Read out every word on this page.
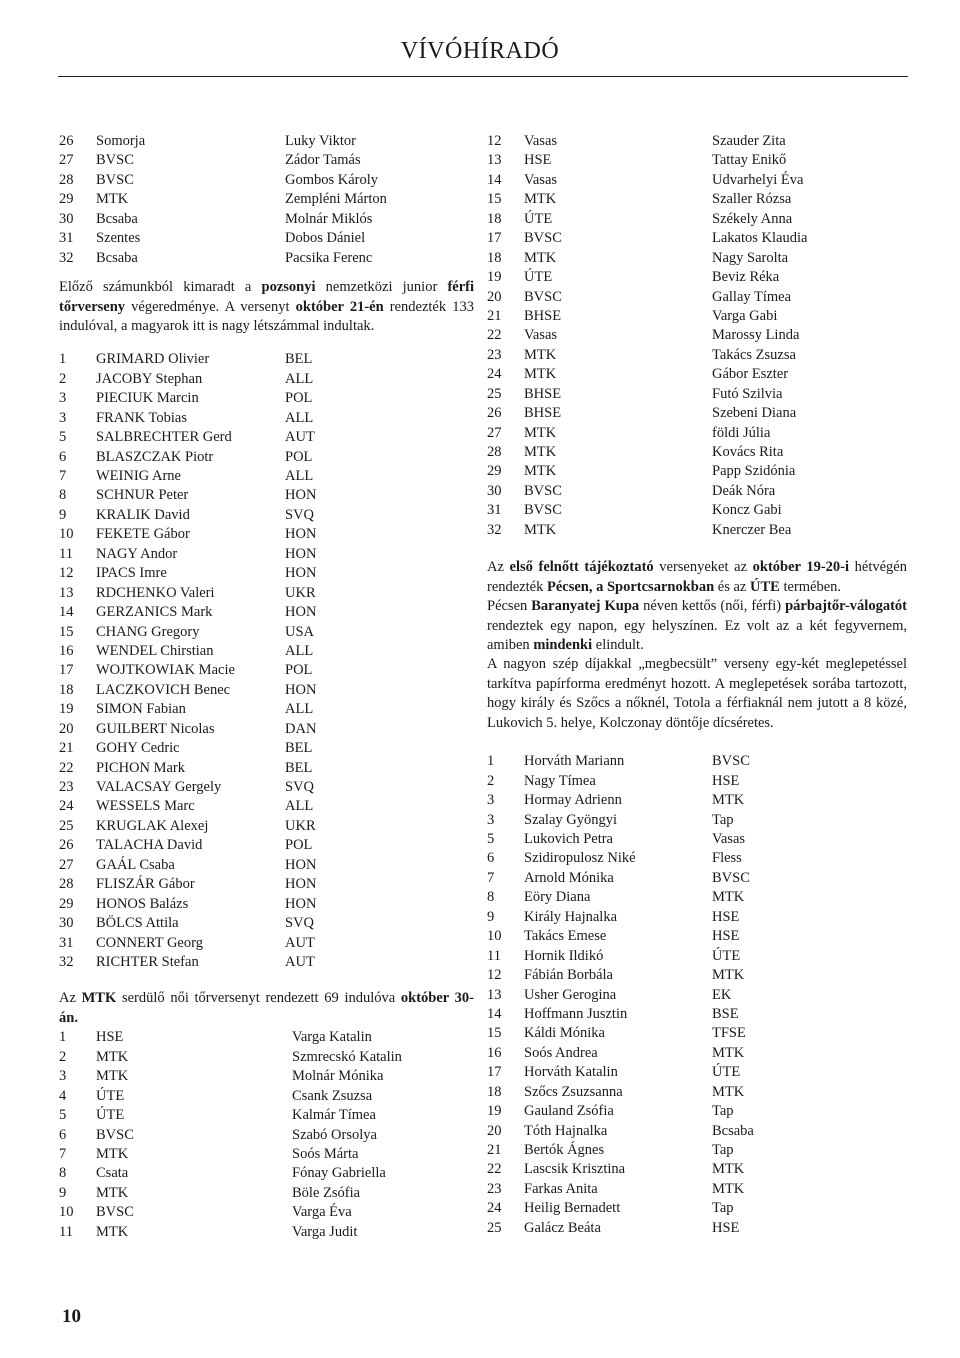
VÍVÓHÍRADÓ
26	Somorja	Luky Viktor
27	BVSC	Zádor Tamás
28	BVSC	Gombos Károly
29	MTK	Zempléni Márton
30	Bcsaba	Molnár Miklós
31	Szentes	Dobos Dániel
32	Bcsaba	Pacsika Ferenc
Előző számunkból kimaradt a pozsonyi nemzetközi junior férfi tőrverseny végeredménye. A versenyt október 21-én rendezték 133 indulóval, a magyarok itt is nagy létszámmal indultak.
1	GRIMARD Olivier	BEL
2	JACOBY Stephan	ALL
3	PIECIUK Marcin	POL
3	FRANK Tobias	ALL
5	SALBRECHTER Gerd	AUT
6	BLASZCZAK Piotr	POL
7	WEINIG Arne	ALL
8	SCHNUR Peter	HON
9	KRALIK David	SVQ
10	FEKETE Gábor	HON
11	NAGY Andor	HON
12	IPACS Imre	HON
13	RDCHENKO Valeri	UKR
14	GERZANICS Mark	HON
15	CHANG Gregory	USA
16	WENDEL Chirstian	ALL
17	WOJTKOWIAK Macie	POL
18	LACZKOVICH Benec	HON
19	SIMON Fabian	ALL
20	GUILBERT Nicolas	DAN
21	GOHY Cedric	BEL
22	PICHON Mark	BEL
23	VALACSAY Gergely	SVQ
24	WESSELS Marc	ALL
25	KRUGLAK Alexej	UKR
26	TALACHA David	POL
27	GAÁL Csaba	HON
28	FLISZÁR Gábor	HON
29	HONOS Balázs	HON
30	BÖLCS Attila	SVQ
31	CONNERT Georg	AUT
32	RICHTER Stefan	AUT
Az MTK serdülő női tőrversenyt rendezett 69 indulóva október 30-án.
1	HSE	Varga Katalin
2	MTK	Szmrecskó Katalin
3	MTK	Molnár Mónika
4	ÚTE	Csank Zsuzsa
5	ÚTE	Kalmár Tímea
6	BVSC	Szabó Orsolya
7	MTK	Soós Márta
8	Csata	Fónay Gabriella
9	MTK	Böle Zsófia
10	BVSC	Varga Éva
11	MTK	Varga Judit
12	Vasas	Szauder Zita
13	HSE	Tattay Enikő
14	Vasas	Udvarhelyi Éva
15	MTK	Szaller Rózsa
18	ÚTE	Székely Anna
17	BVSC	Lakatos Klaudia
18	MTK	Nagy Sarolta
19	ÚTE	Beviz Réka
20	BVSC	Gallay Tímea
21	BHSE	Varga Gabi
22	Vasas	Marossy Linda
23	MTK	Takács Zsuzsa
24	MTK	Gábor Eszter
25	BHSE	Futó Szilvia
26	BHSE	Szebeni Diana
27	MTK	földi Júlia
28	MTK	Kovács Rita
29	MTK	Papp Szidónia
30	BVSC	Deák Nóra
31	BVSC	Koncz Gabi
32	MTK	Knerczer Bea
Az első felnőtt tájékoztató versenyeket az október 19-20-i hétvégén rendezték Pécsen, a Sportcsarnokban és az ÚTE termében.
Pécsen Baranyatej Kupa néven kettős (női, férfi) párbajtőr-válogatót rendeztek egy napon, egy helyszínen. Ez volt az a két fegyvernem, amiben mindenki elindult.
A nagyon szép díjakkal „megbecsült” verseny egy-két meglepetéssel tarkítva papírforma eredményt hozott. A meglepetések sorába tartozott, hogy király és Szőcs a nőknél, Totola a férfiaknál nem jutott a 8 közé, Lukovich 5. helye, Kolczonay döntője dícséretes.
1	Horváth Mariann	BVSC
2	Nagy Tímea	HSE
3	Hormay Adrienn	MTK
3	Szalay Gyöngyi	Tap
5	Lukovich Petra	Vasas
6	Szidiropulosz Niké	Fless
7	Arnold Mónika	BVSC
8	Eöry Diana	MTK
9	Király Hajnalka	HSE
10	Takács Emese	HSE
11	Hornik Ildikó	ÚTE
12	Fábián Borbála	MTK
13	Usher Gerogina	EK
14	Hoffmann Jusztin	BSE
15	Káldi Mónika	TFSE
16	Soós Andrea	MTK
17	Horváth Katalin	ÚTE
18	Szőcs Zsuzsanna	MTK
19	Gauland Zsófia	Tap
20	Tóth Hajnalka	Bcsaba
21	Bertók Ágnes	Tap
22	Lascsik Krisztina	MTK
23	Farkas Anita	MTK
24	Heilig Bernadett	Tap
25	Galácz Beáta	HSE
10
